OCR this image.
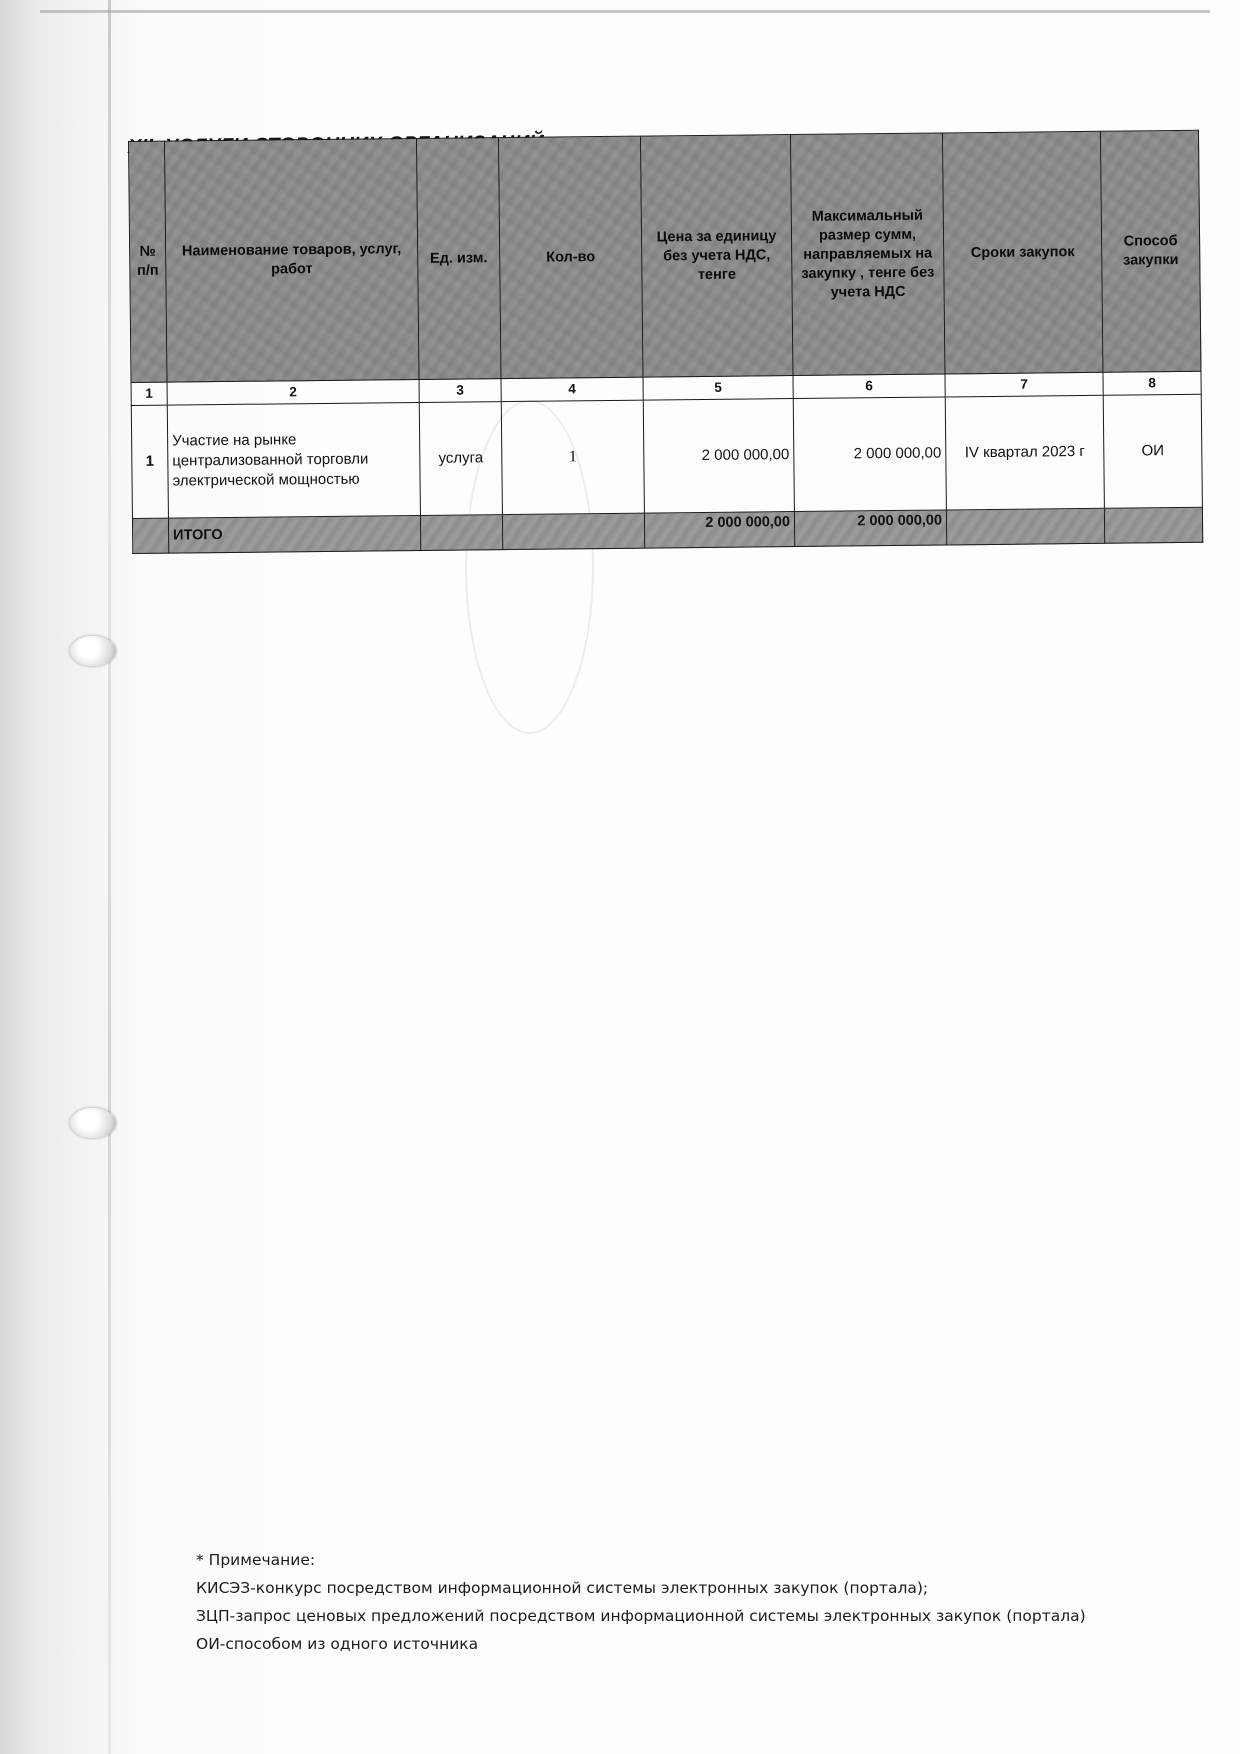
№ п/п	Наименование товаров, услуг, работ	Ед. изм.	Кол-во	Цена за единицу без учета НДС, тенге	Максимальный размер сумм, направляемых на закупку , тенге без учета НДС	Сроки закупок	Способ закупки
1	2	3	4	5	6	7	8
1	Участие на рынке централизованной торговли электрической мощностью	услуга	1	2 000 000,00	2 000 000,00	IV квартал 2023 г	ОИ
	ИТОГО			2 000 000,00	2 000 000,00		
* Примечание:
КИСЭЗ-конкурс посредством информационной системы электронных закупок (портала);
ЗЦП-запрос ценовых предложений посредством информационной системы электронных закупок (портала)
ОИ-способом из одного источника
